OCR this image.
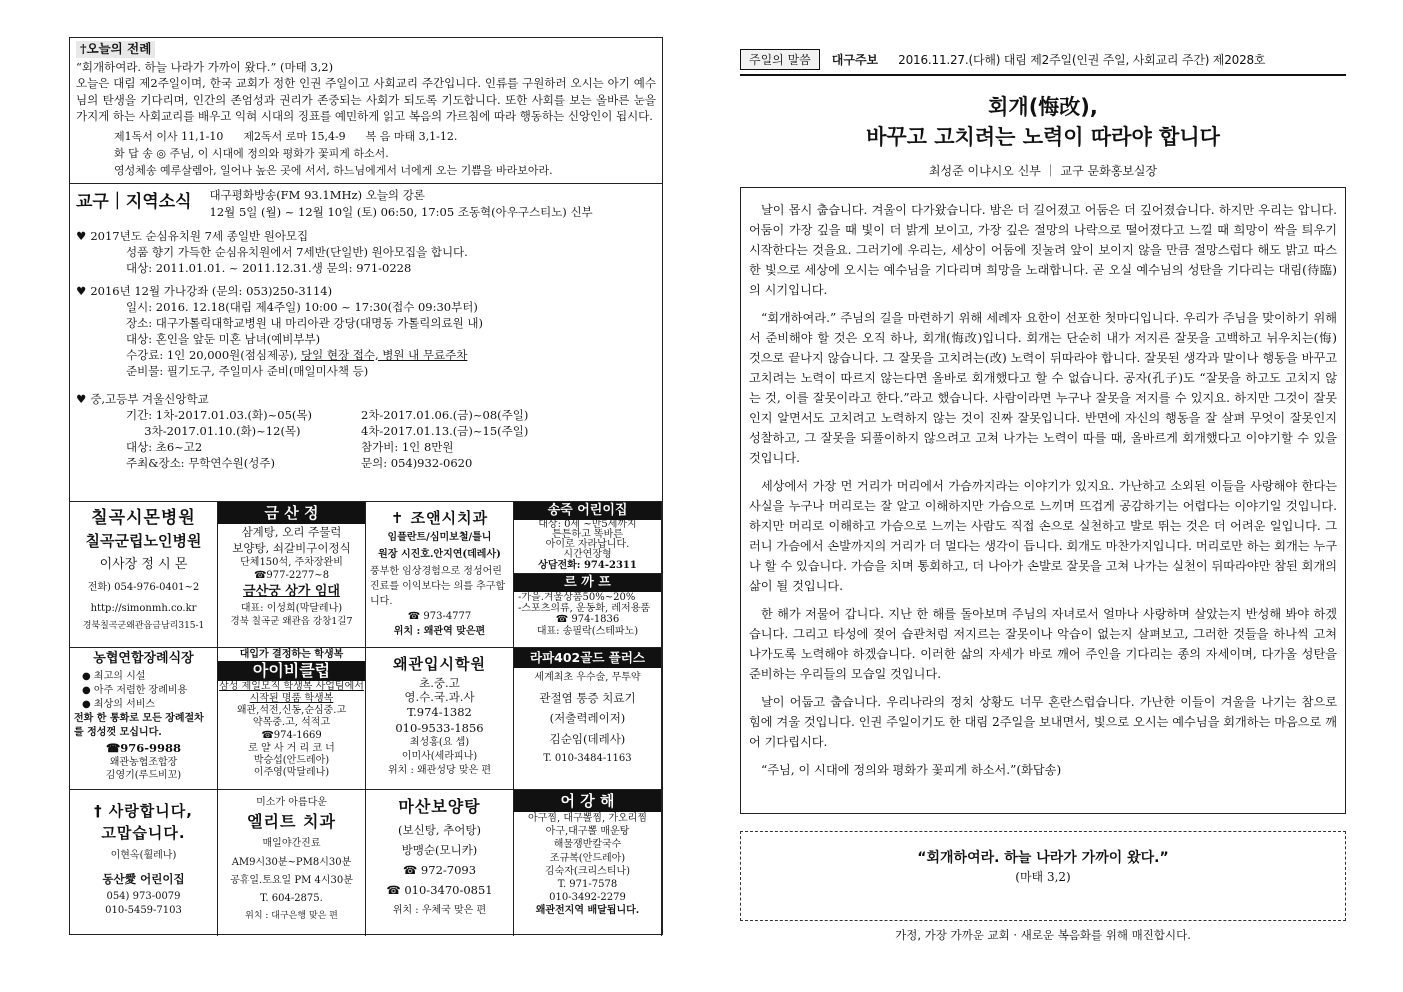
†오늘의 전례
“회개하여라. 하늘 나라가 가까이 왔다.” (마태 3,2)
오늘은 대림 제2주일이며, 한국 교회가 정한 인권 주일이고 사회교리 주간입니다. 인류를 구원하러 오시는 아기 예수님의 탄생을 기다리며, 인간의 존엄성과 권리가 존중되는 사회가 되도록 기도합니다. 또한 사회를 보는 올바른 눈을 가지게 하는 사회교리를 배우고 익혀 시대의 징표를 예민하게 읽고 복음의 가르침에 따라 행동하는 신앙인이 됩시다.
제1독서 이사 11,1-10 제2독서 로마 15,4-9 복 음 마태 3,1-12.
화 답 송 ◎ 주님, 이 시대에 정의와 평화가 꽃피게 하소서.
영성체송 예루살렘아, 일어나 높은 곳에 서서, 하느님에게서 너에게 오는 기쁨을 바라보아라.
교구｜지역소식 대구평화방송(FM 93.1MHz) 오늘의 강론
12월 5일 (월) ~ 12월 10일 (토) 06:50, 17:05 조동혁(아우구스티노) 신부
♥ 2017년도 순심유치원 7세 종일반 원아모집
성품 향기 가득한 순심유치원에서 7세반(단일반) 원아모집을 합니다.
대상: 2011.01.01. ~ 2011.12.31.생 문의: 971-0228
♥ 2016년 12월 가나강좌 (문의: 053)250-3114)
일시: 2016. 12.18(대림 제4주일) 10:00 ~ 17:30(접수 09:30부터)
장소: 대구가톨릭대학교병원 내 마리아관 강당(대명동 가톨릭의료원 내)
대상: 혼인을 앞둔 미혼 남녀(예비부부)
수강료: 1인 20,000원(점심제공), 당일 현장 접수, 병원 내 무료주차
준비물: 필기도구, 주일미사 준비(매일미사책 등)
♥ 중,고등부 겨울신앙학교
기간: 1차-2017.01.03.(화)~05(목)	2차-2017.01.06.(금)~08(주일)
3차-2017.01.10.(화)~12(목)	4차-2017.01.13.(금)~15(주일)
대상: 초6~고2	참가비: 1인 8만원
주최&장소: 무학연수원(성주)	문의: 054)932-0620
칠곡시몬병원
칠곡군립노인병원
이사장 정 시 몬
전화) 054-976-0401~2
http://simonmh.co.kr
경북칠곡군왜관읍금남리315-1
금 산 정
삼계탕, 오리 주물럭
보양탕, 쇠갈비구이정식
단체150석, 주차장완비
☎977-2277~8
금산궁 상가 임대
대표: 이성희(막달레나)
경북 칠곡군 왜관읍 강창1길7
✝ 조앤시치과
임플란트/심미보철/틀니
원장 시진호.안지연(데레사)
풍부한 임상경험으로 정성어린 진료를 이익보다는 의를 추구합니다.
☎ 973-4777
위치 : 왜관역 맞은편
송죽 어린이집
대상: 0세 ~만5세까지
튼튼하고 똑바른
아이로 자라납니다.
시간연장형
상담전화: 974-2311
르 까 프
-가을.겨울상품50%~20%
-스포츠의류, 운동화, 레저용품
☎ 974-1836
대표: 송필락(스테파노)
농협연합장례식장
● 최고의 시설
● 아주 저렴한 장례비용
● 최상의 서비스
전화 한 통화로 모든 장례절차를 정성껏 모십니다.
☎976-9988
왜관농협조합장
김영기(루드비꼬)
대입가 결정하는 학생복
아이비클럽
삼성 제일모직 학생복 사업팀에서 시작된 명품 학생복
왜관,석전,신동,순심중.고
약목중.고, 석적고
☎974-1669
로 얄 사 거 리 코 너
박승섭(안드레아)
이주영(막달레나)
왜관입시학원
초.중.고
영.수.국.과.사
T.974-1382
010-9533-1856
최성홍(요 셉)
이미사(세라피나)
위치 : 왜관성당 맞은 편
라파402골드 플러스
세계최초 우수술, 무투약
관절염 통증 치료기
(저출력레이저)
김순임(데레사)
T. 010-3484-1163
† 사랑합니다,
고맙습니다.
이현옥(휠레나)
동산愛 어린이집
054) 973-0079
010-5459-7103
미소가 아름다운
엘리트 치과
매일야간진료
AM9시30분~PM8시30분
공휴일.토요일 PM 4시30분
T. 604-2875.
위치 : 대구은행 맞은 편
마산보양탕
(보신탕, 추어탕)
방맹순(모니카)
☎ 972-7093
☎ 010-3470-0851
위치 : 우체국 맞은 편
어 강 해
아구찜, 대구뽈찜, 가오리찜
아구,대구뽈 매운탕
해물쟁반칼국수
조규복(안드레아)
김숙자(크리스티나)
T. 971-7578
010-3492-2279
왜관전지역 배달됩니다.
주일의 말씀	대구주보 2016.11.27.(다해) 대림 제2주일(인권 주일, 사회교리 주간) 제2028호
회개(悔改),
바꾸고 고치려는 노력이 따라야 합니다
최성준 이냐시오 신부 ｜ 교구 문화홍보실장

날이 몹시 춥습니다. 겨울이 다가왔습니다. 밤은 더 길어졌고 어둠은 더 깊어졌습니다. 하지만 우리는 압니다. 어둠이 가장 깊을 때 빛이 더 밝게 보이고, 가장 깊은 절망의 나락으로 떨어졌다고 느낄 때 희망이 싹을 틔우기 시작한다는 것을요. 그러기에 우리는, 세상이 어둠에 짓눌려 앞이 보이지 않을 만큼 절망스럽다 해도 밝고 따스한 빛으로 세상에 오시는 예수님을 기다리며 희망을 노래합니다. 곧 오실 예수님의 성탄을 기다리는 대림(待臨)의 시기입니다.

“회개하여라.” 주님의 길을 마련하기 위해 세례자 요한이 선포한 첫마디입니다. 우리가 주님을 맞이하기 위해서 준비해야 할 것은 오직 하나, 회개(悔改)입니다. 회개는 단순히 내가 저지른 잘못을 고백하고 뉘우치는(悔) 것으로 끝나지 않습니다. 그 잘못을 고치려는(改) 노력이 뒤따라야 합니다. 잘못된 생각과 말이나 행동을 바꾸고 고치려는 노력이 따르지 않는다면 올바로 회개했다고 할 수 없습니다. 공자(孔子)도 “잘못을 하고도 고치지 않는 것, 이를 잘못이라고 한다.”라고 했습니다. 사람이라면 누구나 잘못을 저지를 수 있지요. 하지만 그것이 잘못인지 알면서도 고치려고 노력하지 않는 것이 진짜 잘못입니다. 반면에 자신의 행동을 잘 살펴 무엇이 잘못인지 성찰하고, 그 잘못을 되풀이하지 않으려고 고쳐 나가는 노력이 따를 때, 올바르게 회개했다고 이야기할 수 있을 것입니다.

세상에서 가장 먼 거리가 머리에서 가슴까지라는 이야기가 있지요. 가난하고 소외된 이들을 사랑해야 한다는 사실을 누구나 머리로는 잘 알고 이해하지만 가슴으로 느끼며 뜨겁게 공감하기는 어렵다는 이야기일 것입니다. 하지만 머리로 이해하고 가슴으로 느끼는 사람도 직접 손으로 실천하고 발로 뛰는 것은 더 어려운 일입니다. 그러니 가슴에서 손발까지의 거리가 더 멀다는 생각이 듭니다. 회개도 마찬가지입니다. 머리로만 하는 회개는 누구나 할 수 있습니다. 가슴을 치며 통회하고, 더 나아가 손발로 잘못을 고쳐 나가는 실천이 뒤따라야만 참된 회개의 삶이 될 것입니다.

한 해가 저물어 갑니다. 지난 한 해를 돌아보며 주님의 자녀로서 얼마나 사랑하며 살았는지 반성해 봐야 하겠습니다. 그리고 타성에 젖어 습관처럼 저지르는 잘못이나 악습이 없는지 살펴보고, 그러한 것들을 하나씩 고쳐 나가도록 노력해야 하겠습니다. 이러한 삶의 자세가 바로 깨어 주인을 기다리는 종의 자세이며, 다가올 성탄을 준비하는 우리들의 모습일 것입니다.

날이 어둡고 춥습니다. 우리나라의 정치 상황도 너무 혼란스럽습니다. 가난한 이들이 겨울을 나기는 참으로 힘에 겨울 것입니다. 인권 주일이기도 한 대림 2주일을 보내면서, 빛으로 오시는 예수님을 회개하는 마음으로 깨어 기다립시다.

“주님, 이 시대에 정의와 평화가 꽃피게 하소서.”(화답송)

“회개하여라. 하늘 나라가 가까이 왔다.”
(마태 3,2)
가정, 가장 가까운 교회 · 새로운 복음화를 위해 매진합시다.
